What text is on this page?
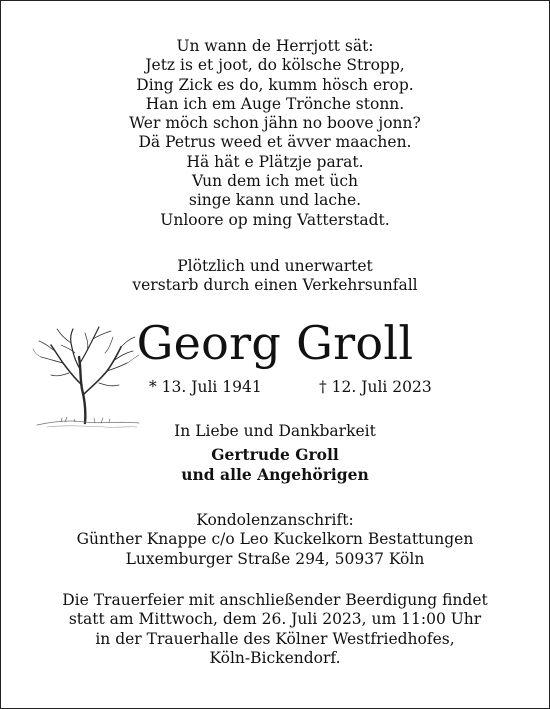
Un wann de Herrjott sät:
Jetz is et joot, do kölsche Stropp,
Ding Zick es do, kumm hösch erop.
Han ich em Auge Trönche stonn.
Wer möch schon jähn no boove jonn?
Dä Petrus weed et ävver maachen.
Hä hät e Plätzje parat.
Vun dem ich met üch
singe kann und lache.
Unloore op ming Vatterstadt.
Plötzlich und unerwartet
verstarb durch einen Verkehrsunfall
Georg Groll
* 13. Juli 1941	† 12. Juli 2023
In Liebe und Dankbarkeit
Gertrude Groll
und alle Angehörigen
Kondolenzanschrift:
Günther Knappe c/o Leo Kuckelkorn Bestattungen
Luxemburger Straße 294, 50937 Köln
Die Trauerfeier mit anschließender Beerdigung findet
statt am Mittwoch, dem 26. Juli 2023, um 11:00 Uhr
in der Trauerhalle des Kölner Westfriedhofes,
Köln-Bickendorf.
